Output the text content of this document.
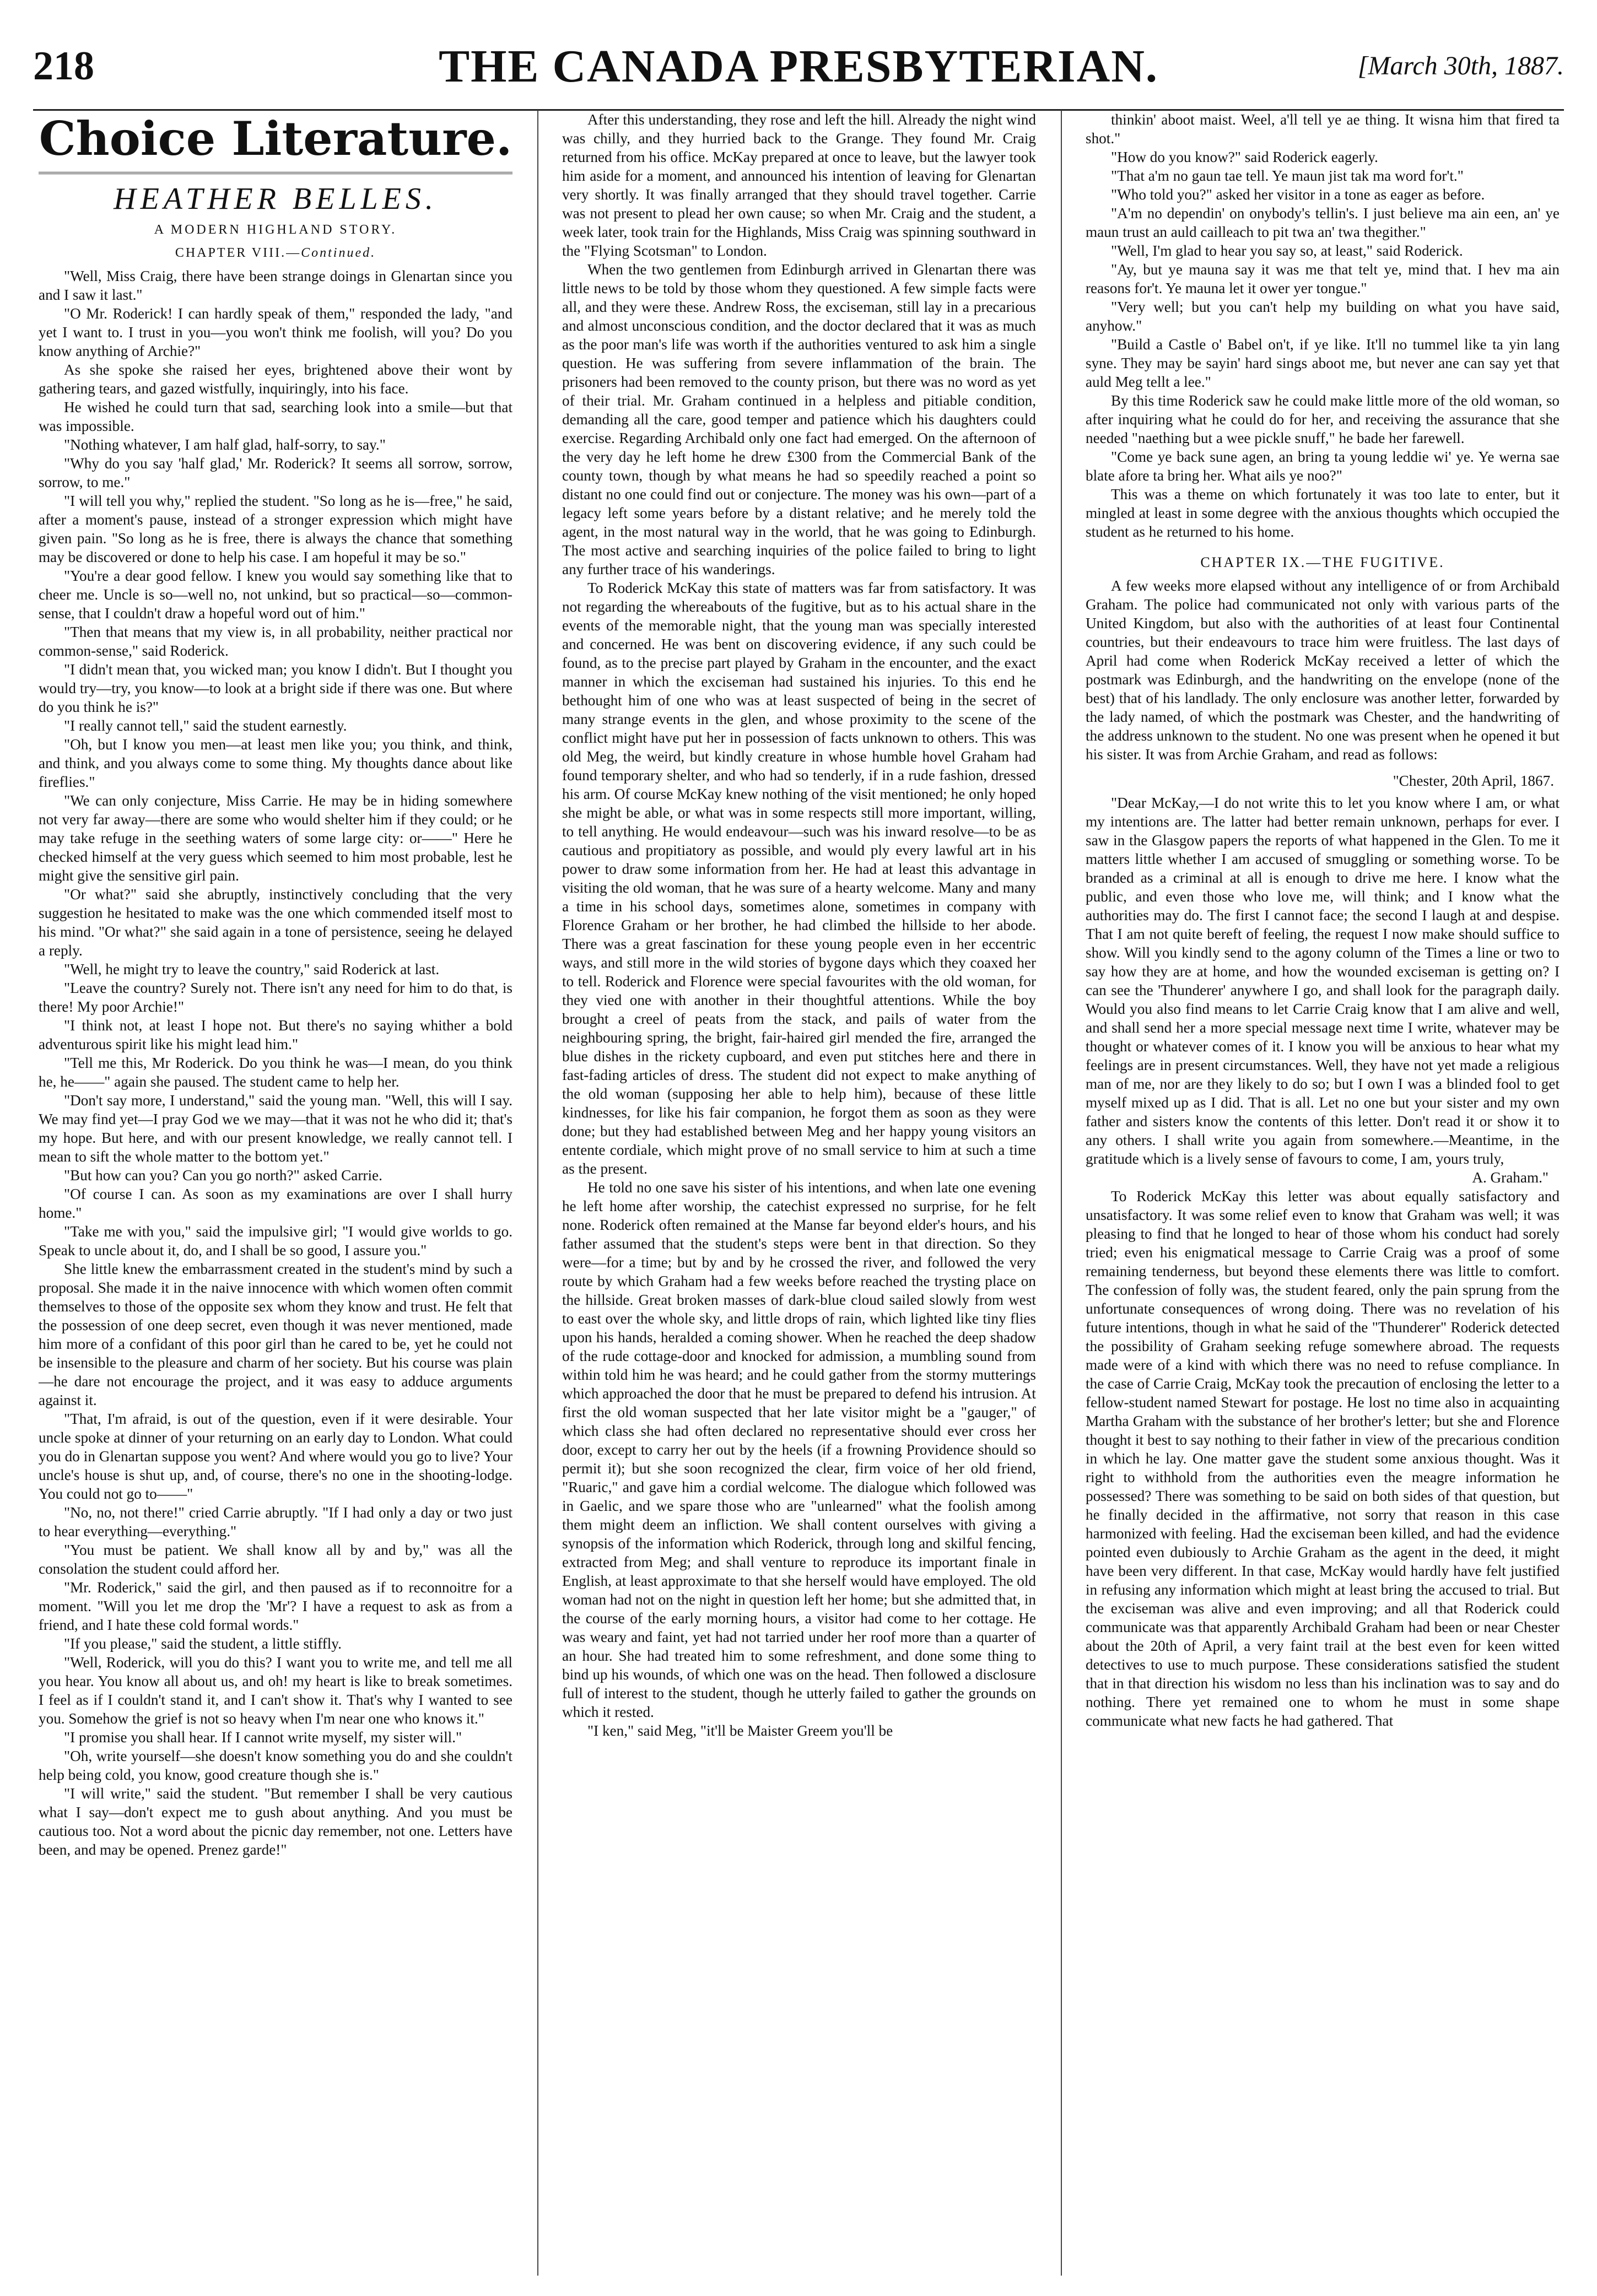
218	THE CANADA PRESBYTERIAN.	[March 30th, 1887.
Choice Literature.
HEATHER BELLES.
A MODERN HIGHLAND STORY.
CHAPTER VIII.—Continued.

"Well, Miss Craig, there have been strange doings in Glenartan since you and I saw it last."

"O Mr. Roderick! I can hardly speak of them," responded the lady, "and yet I want to. I trust in you—you won't think me foolish, will you? Do you know anything of Archie?"

As she spoke she raised her eyes, brightened above their wont by gathering tears, and gazed wistfully, inquiringly, into his face.

He wished he could turn that sad, searching look into a smile—but that was impossible.

"Nothing whatever, I am half glad, half-sorry, to say."

"Why do you say 'half glad,' Mr. Roderick? It seems all sorrow, sorrow, sorrow, to me."

"I will tell you why," replied the student. "So long as he is—free," he said, after a moment's pause, instead of a stronger expression which might have given pain. "So long as he is free, there is always the chance that something may be discovered or done to help his case. I am hopeful it may be so."

"You're a dear good fellow. I knew you would say something like that to cheer me. Uncle is so—well no, not unkind, but so practical—so—common-sense, that I couldn't draw a hopeful word out of him."

"Then that means that my view is, in all probability, neither practical nor common-sense," said Roderick.

"I didn't mean that, you wicked man; you know I didn't. But I thought you would try—try, you know—to look at a bright side if there was one. But where do you think he is?"

"I really cannot tell," said the student earnestly.

"Oh, but I know you men—at least men like you; you think, and think, and think, and you always come to some thing. My thoughts dance about like fireflies."

"We can only conjecture, Miss Carrie. He may be in hiding somewhere not very far away—there are some who would shelter him if they could; or he may take refuge in the seething waters of some large city: or——" Here he checked himself at the very guess which seemed to him most probable, lest he might give the sensitive girl pain.

"Or what?" said she abruptly, instinctively concluding that the very suggestion he hesitated to make was the one which commended itself most to his mind. "Or what?" she said again in a tone of persistence, seeing he delayed a reply.

"Well, he might try to leave the country," said Roderick at last.

"Leave the country? Surely not. There isn't any need for him to do that, is there! My poor Archie!"

"I think not, at least I hope not. But there's no saying whither a bold adventurous spirit like his might lead him."

"Tell me this, Mr Roderick. Do you think he was—I mean, do you think he, he——" again she paused. The student came to help her.

"Don't say more, I understand," said the young man. "Well, this will I say. We may find yet—I pray God we we may—that it was not he who did it; that's my hope. But here, and with our present knowledge, we really cannot tell. I mean to sift the whole matter to the bottom yet."

"But how can you? Can you go north?" asked Carrie.

"Of course I can. As soon as my examinations are over I shall hurry home."

"Take me with you," said the impulsive girl; "I would give worlds to go. Speak to uncle about it, do, and I shall be so good, I assure you."

She little knew the embarrassment created in the student's mind by such a proposal. She made it in the naive innocence with which women often commit themselves to those of the opposite sex whom they know and trust. He felt that the possession of one deep secret, even though it was never mentioned, made him more of a confidant of this poor girl than he cared to be, yet he could not be insensible to the pleasure and charm of her society. But his course was plain—he dare not encourage the project, and it was easy to adduce arguments against it.

"That, I'm afraid, is out of the question, even if it were desirable. Your uncle spoke at dinner of your returning on an early day to London. What could you do in Glenartan suppose you went? And where would you go to live? Your uncle's house is shut up, and, of course, there's no one in the shooting-lodge. You could not go to——"

"No, no, not there!" cried Carrie abruptly. "If I had only a day or two just to hear everything—everything."

"You must be patient. We shall know all by and by," was all the consolation the student could afford her.

"Mr. Roderick," said the girl, and then paused as if to reconnoitre for a moment. "Will you let me drop the 'Mr'? I have a request to ask as from a friend, and I hate these cold formal words."

"If you please," said the student, a little stiffly.

"Well, Roderick, will you do this? I want you to write me, and tell me all you hear. You know all about us, and oh! my heart is like to break sometimes. I feel as if I couldn't stand it, and I can't show it. That's why I wanted to see you. Somehow the grief is not so heavy when I'm near one who knows it."

"I promise you shall hear. If I cannot write myself, my sister will."

"Oh, write yourself—she doesn't know something you do and she couldn't help being cold, you know, good creature though she is."

"I will write," said the student. "But remember I shall be very cautious what I say—don't expect me to gush about anything. And you must be cautious too. Not a word about the picnic day remember, not one. Letters have been, and may be opened. Prenez garde!"

After this understanding, they rose and left the hill. Already the night wind was chilly, and they hurried back to the Grange. They found Mr. Craig returned from his office. McKay prepared at once to leave, but the lawyer took him aside for a moment, and announced his intention of leaving for Glenartan very shortly. It was finally arranged that they should travel together. Carrie was not present to plead her own cause; so when Mr. Craig and the student, a week later, took train for the Highlands, Miss Craig was spinning southward in the "Flying Scotsman" to London.

When the two gentlemen from Edinburgh arrived in Glenartan there was little news to be told by those whom they questioned. A few simple facts were all, and they were these. Andrew Ross, the exciseman, still lay in a precarious and almost unconscious condition, and the doctor declared that it was as much as the poor man's life was worth if the authorities ventured to ask him a single question. He was suffering from severe inflammation of the brain. The prisoners had been removed to the county prison, but there was no word as yet of their trial. Mr. Graham continued in a helpless and pitiable condition, demanding all the care, good temper and patience which his daughters could exercise. Regarding Archibald only one fact had emerged. On the afternoon of the very day he left home he drew £300 from the Commercial Bank of the county town, though by what means he had so speedily reached a point so distant no one could find out or conjecture. The money was his own—part of a legacy left some years before by a distant relative; and he merely told the agent, in the most natural way in the world, that he was going to Edinburgh. The most active and searching inquiries of the police failed to bring to light any further trace of his wanderings.

To Roderick McKay this state of matters was far from satisfactory. It was not regarding the whereabouts of the fugitive, but as to his actual share in the events of the memorable night, that the young man was specially interested and concerned. He was bent on discovering evidence, if any such could be found, as to the precise part played by Graham in the encounter, and the exact manner in which the exciseman had sustained his injuries. To this end he bethought him of one who was at least suspected of being in the secret of many strange events in the glen, and whose proximity to the scene of the conflict might have put her in possession of facts unknown to others. This was old Meg, the weird, but kindly creature in whose humble hovel Graham had found temporary shelter, and who had so tenderly, if in a rude fashion, dressed his arm. Of course McKay knew nothing of the visit mentioned; he only hoped she might be able, or what was in some respects still more important, willing, to tell anything. He would endeavour—such was his inward resolve—to be as cautious and propitiatory as possible, and would ply every lawful art in his power to draw some information from her. He had at least this advantage in visiting the old woman, that he was sure of a hearty welcome. Many and many a time in his school days, sometimes alone, sometimes in company with Florence Graham or her brother, he had climbed the hillside to her abode. There was a great fascination for these young people even in her eccentric ways, and still more in the wild stories of bygone days which they coaxed her to tell. Roderick and Florence were special favourites with the old woman, for they vied one with another in their thoughtful attentions. While the boy brought a creel of peats from the stack, and pails of water from the neighbouring spring, the bright, fair-haired girl mended the fire, arranged the blue dishes in the rickety cupboard, and even put stitches here and there in fast-fading articles of dress. The student did not expect to make anything of the old woman (supposing her able to help him), because of these little kindnesses, for like his fair companion, he forgot them as soon as they were done; but they had established between Meg and her happy young visitors an entente cordiale, which might prove of no small service to him at such a time as the present.

He told no one save his sister of his intentions, and when late one evening he left home after worship, the catechist expressed no surprise, for he felt none. Roderick often remained at the Manse far beyond elder's hours, and his father assumed that the student's steps were bent in that direction. So they were—for a time; but by and by he crossed the river, and followed the very route by which Graham had a few weeks before reached the trysting place on the hillside. Great broken masses of dark-blue cloud sailed slowly from west to east over the whole sky, and little drops of rain, which lighted like tiny flies upon his hands, heralded a coming shower. When he reached the deep shadow of the rude cottage-door and knocked for admission, a mumbling sound from within told him he was heard; and he could gather from the stormy mutterings which approached the door that he must be prepared to defend his intrusion. At first the old woman suspected that her late visitor might be a "gauger," of which class she had often declared no representative should ever cross her door, except to carry her out by the heels (if a frowning Providence should so permit it); but she soon recognized the clear, firm voice of her old friend, "Ruaric," and gave him a cordial welcome. The dialogue which followed was in Gaelic, and we spare those who are "unlearned" what the foolish among them might deem an infliction. We shall content ourselves with giving a synopsis of the information which Roderick, through long and skilful fencing, extracted from Meg; and shall venture to reproduce its important finale in English, at least approximate to that she herself would have employed. The old woman had not on the night in question left her home; but she admitted that, in the course of the early morning hours, a visitor had come to her cottage. He was weary and faint, yet had not tarried under her roof more than a quarter of an hour. She had treated him to some refreshment, and done some thing to bind up his wounds, of which one was on the head. Then followed a disclosure full of interest to the student, though he utterly failed to gather the grounds on which it rested.

"I ken," said Meg, "it'll be Maister Greem you'll be

thinkin' aboot maist. Weel, a'll tell ye ae thing. It wisna him that fired ta shot."

"How do you know?" said Roderick eagerly.

"That a'm no gaun tae tell. Ye maun jist tak ma word for't."

"Who told you?" asked her visitor in a tone as eager as before.

"A'm no dependin' on onybody's tellin's. I just believe ma ain een, an' ye maun trust an auld cailleach to pit twa an' twa thegither."

"Well, I'm glad to hear you say so, at least," said Roderick.

"Ay, but ye mauna say it was me that telt ye, mind that. I hev ma ain reasons for't. Ye mauna let it ower yer tongue."

"Very well; but you can't help my building on what you have said, anyhow."

"Build a Castle o' Babel on't, if ye like. It'll no tummel like ta yin lang syne. They may be sayin' hard sings aboot me, but never ane can say yet that auld Meg tellt a lee."

By this time Roderick saw he could make little more of the old woman, so after inquiring what he could do for her, and receiving the assurance that she needed "naething but a wee pickle snuff," he bade her farewell.

"Come ye back sune agen, an bring ta young leddie wi' ye. Ye werna sae blate afore ta bring her. What ails ye noo?"

This was a theme on which fortunately it was too late to enter, but it mingled at least in some degree with the anxious thoughts which occupied the student as he returned to his home.

CHAPTER IX.—THE FUGITIVE.

A few weeks more elapsed without any intelligence of or from Archibald Graham. The police had communicated not only with various parts of the United Kingdom, but also with the authorities of at least four Continental countries, but their endeavours to trace him were fruitless. The last days of April had come when Roderick McKay received a letter of which the postmark was Edinburgh, and the handwriting on the envelope (none of the best) that of his landlady. The only enclosure was another letter, forwarded by the lady named, of which the postmark was Chester, and the handwriting of the address unknown to the student. No one was present when he opened it but his sister. It was from Archie Graham, and read as follows:

"Chester, 20th April, 1867.

"Dear McKay,—I do not write this to let you know where I am, or what my intentions are. The latter had better remain unknown, perhaps for ever. I saw in the Glasgow papers the reports of what happened in the Glen. To me it matters little whether I am accused of smuggling or something worse. To be branded as a criminal at all is enough to drive me here. I know what the public, and even those who love me, will think; and I know what the authorities may do. The first I cannot face; the second I laugh at and despise. That I am not quite bereft of feeling, the request I now make should suffice to show. Will you kindly send to the agony column of the Times a line or two to say how they are at home, and how the wounded exciseman is getting on? I can see the 'Thunderer' anywhere I go, and shall look for the paragraph daily. Would you also find means to let Carrie Craig know that I am alive and well, and shall send her a more special message next time I write, whatever may be thought or whatever comes of it. I know you will be anxious to hear what my feelings are in present circumstances. Well, they have not yet made a religious man of me, nor are they likely to do so; but I own I was a blinded fool to get myself mixed up as I did. That is all. Let no one but your sister and my own father and sisters know the contents of this letter. Don't read it or show it to any others. I shall write you again from somewhere.—Meantime, in the gratitude which is a lively sense of favours to come, I am, yours truly,

A. Graham."

To Roderick McKay this letter was about equally satisfactory and unsatisfactory. It was some relief even to know that Graham was well; it was pleasing to find that he longed to hear of those whom his conduct had sorely tried; even his enigmatical message to Carrie Craig was a proof of some remaining tenderness, but beyond these elements there was little to comfort. The confession of folly was, the student feared, only the pain sprung from the unfortunate consequences of wrong doing. There was no revelation of his future intentions, though in what he said of the "Thunderer" Roderick detected the possibility of Graham seeking refuge somewhere abroad. The requests made were of a kind with which there was no need to refuse compliance. In the case of Carrie Craig, McKay took the precaution of enclosing the letter to a fellow-student named Stewart for postage. He lost no time also in acquainting Martha Graham with the substance of her brother's letter; but she and Florence thought it best to say nothing to their father in view of the precarious condition in which he lay. One matter gave the student some anxious thought. Was it right to withhold from the authorities even the meagre information he possessed? There was something to be said on both sides of that question, but he finally decided in the affirmative, not sorry that reason in this case harmonized with feeling. Had the exciseman been killed, and had the evidence pointed even dubiously to Archie Graham as the agent in the deed, it might have been very different. In that case, McKay would hardly have felt justified in refusing any information which might at least bring the accused to trial. But the exciseman was alive and even improving; and all that Roderick could communicate was that apparently Archibald Graham had been or near Chester about the 20th of April, a very faint trail at the best even for keen witted detectives to use to much purpose. These considerations satisfied the student that in that direction his wisdom no less than his inclination was to say and do nothing. There yet remained one to whom he must in some shape communicate what new facts he had gathered. That
